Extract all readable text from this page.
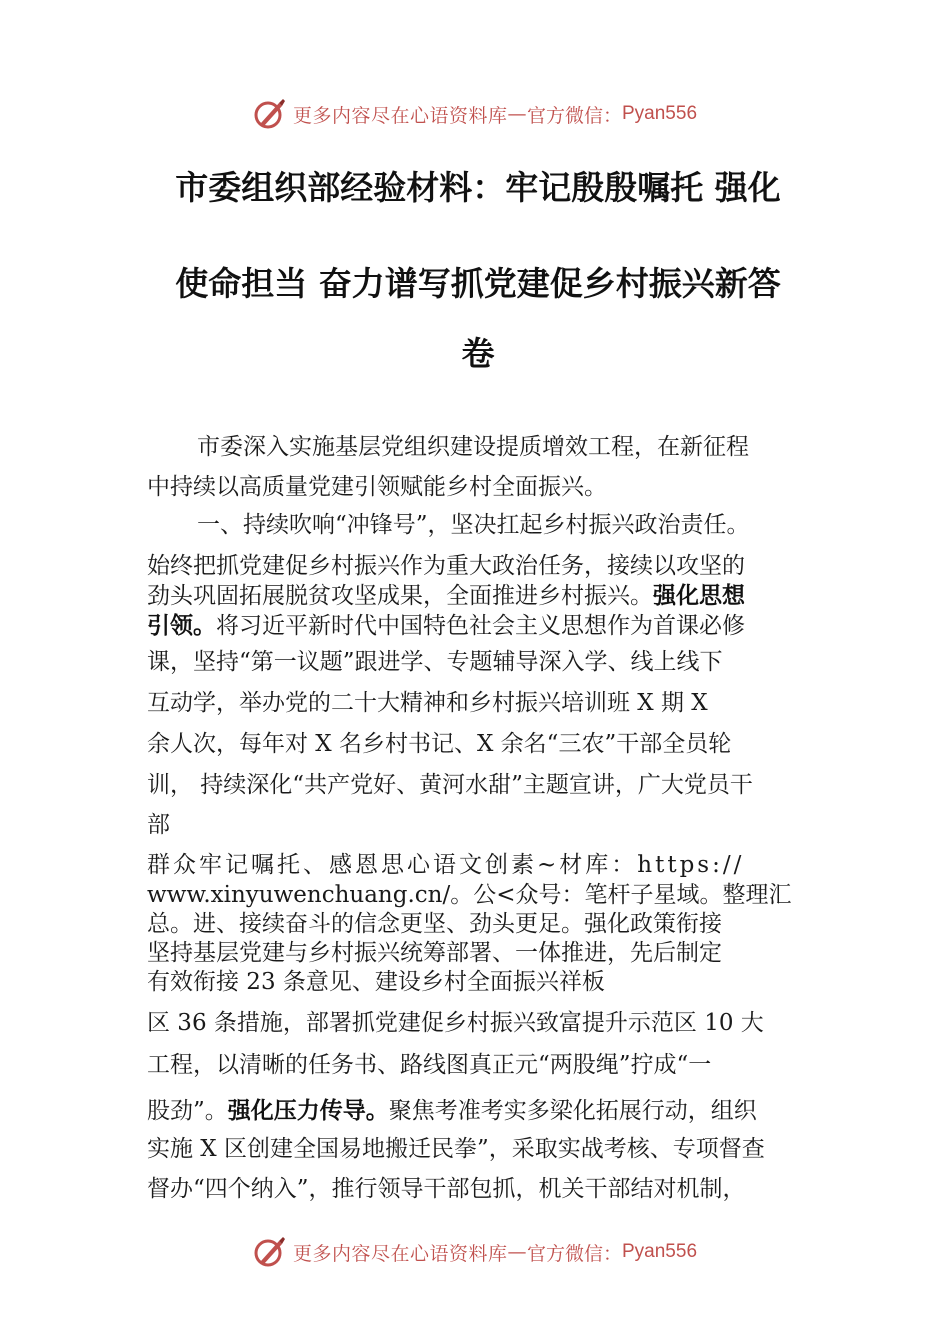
更多内容尽在心语资料库 — 官方微信： Pyan556
市委组织部经验材料：牢记殷殷嘱托 强化
使命担当 奋力谱写抓党建促乡村振兴新答
卷
市委深入实施基层党组织建设提质增效工程，在新征程
中持续以高质量党建引领赋能乡村全面振兴。
一、持续吹响“冲锋号”，坚决扛起乡村振兴政治责任。
始终把抓党建促乡村振兴作为重大政治任务，接续以攻坚的
劲头巩固拓展脱贫攻坚成果，全面推进乡村振兴。强化思想
引领。将习近平新时代中国特色社会主义思想作为首课必修
课，坚持“第一议题”跟进学、专题辅导深入学、线上线下
互动学，举办党的二十大精神和乡村振兴培训班 X 期 X
余人次，每年对 X 名乡村书记、X 余名“三农”干部全员轮
训， 持续深化“共产党好、黄河水甜”主题宣讲，广大党员干
部
群众牢记嘱托、感恩思心语文创素~材库：https://
www.xinyuwenchuang.cn/。公<众号：笔杆子星域。整理汇
总。进、接续奋斗的信念更坚、劲头更足。强化政策衔接
坚持基层党建与乡村振兴统筹部署、一体推进，先后制定
有效衔接 23 条意见、建设乡村全面振兴祥板
区 36 条措施，部署抓党建促乡村振兴致富提升示范区 10 大
工程，以清晰的任务书、路线图真正元“两股绳”拧成“一
股劲”。强化压力传导。聚焦考准考实多梁化拓展行动，组织
实施 X 区创建全国易地搬迁民拳”，采取实战考核、专项督查
督办“四个纳入”，推行领导干部包抓，机关干部结对机制，
更多内容尽在心语资料库 — 官方微信： Pyan556
